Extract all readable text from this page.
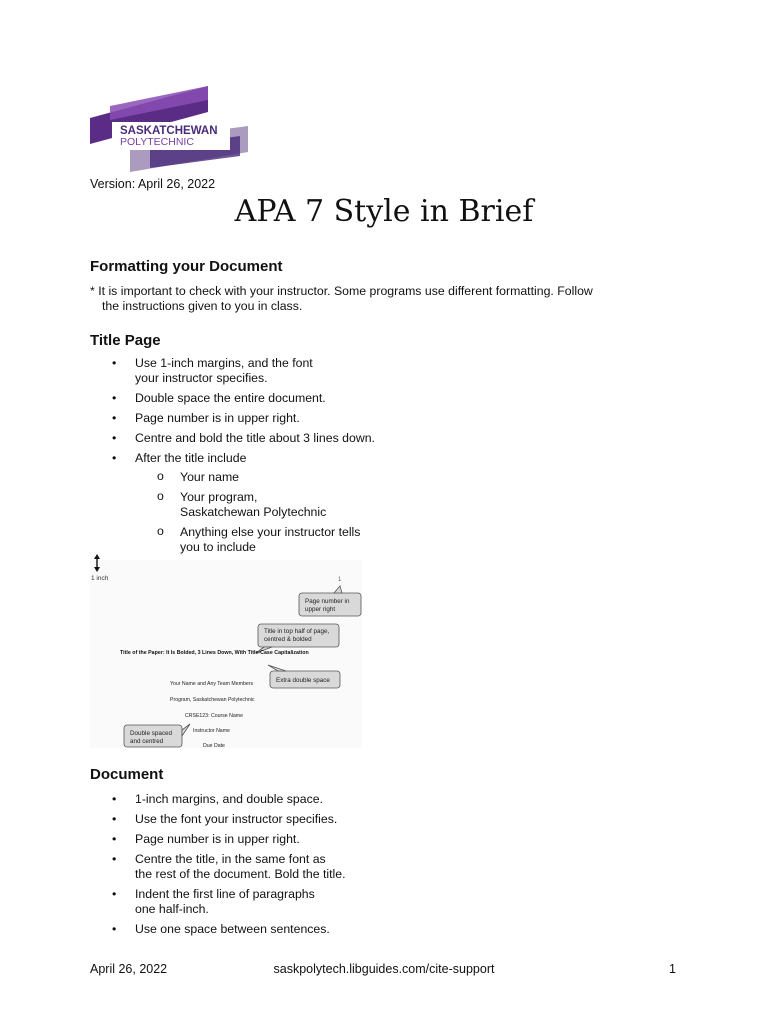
SASKATCHEWAN
POLYTECHNIC
Version: April 26, 2022
APA 7 Style in Brief
Formatting your Document
* It is important to check with your instructor. Some programs use different formatting. Follow
the instructions given to you in class.
Title Page
• Use 1-inch margins, and the font
your instructor specifies.
• Double space the entire document.
• Page number is in upper right.
• Centre and bold the title about 3 lines down.
• After the title include
o Your name
o Your program,
Saskatchewan Polytechnic
o Anything else your instructor tells
you to include
1 inch	1
Page number in
upper right
Title in top half of page,
centred & bolded
Title of the Paper: It Is Bolded, 3 Lines Down, With Title-Case Capitalization
Extra double space
Your Name and Any Team Members
Program, Saskatchewan Polytechnic
CRSE123: Course Name
Instructor Name
Due Date
Double spaced
and centred
Document
• 1-inch margins, and double space.
• Use the font your instructor specifies.
• Page number is in upper right.
• Centre the title, in the same font as
the rest of the document. Bold the title.
• Indent the first line of paragraphs
one half-inch.
• Use one space between sentences.
April 26, 2022	saskpolytech.libguides.com/cite-support	1
